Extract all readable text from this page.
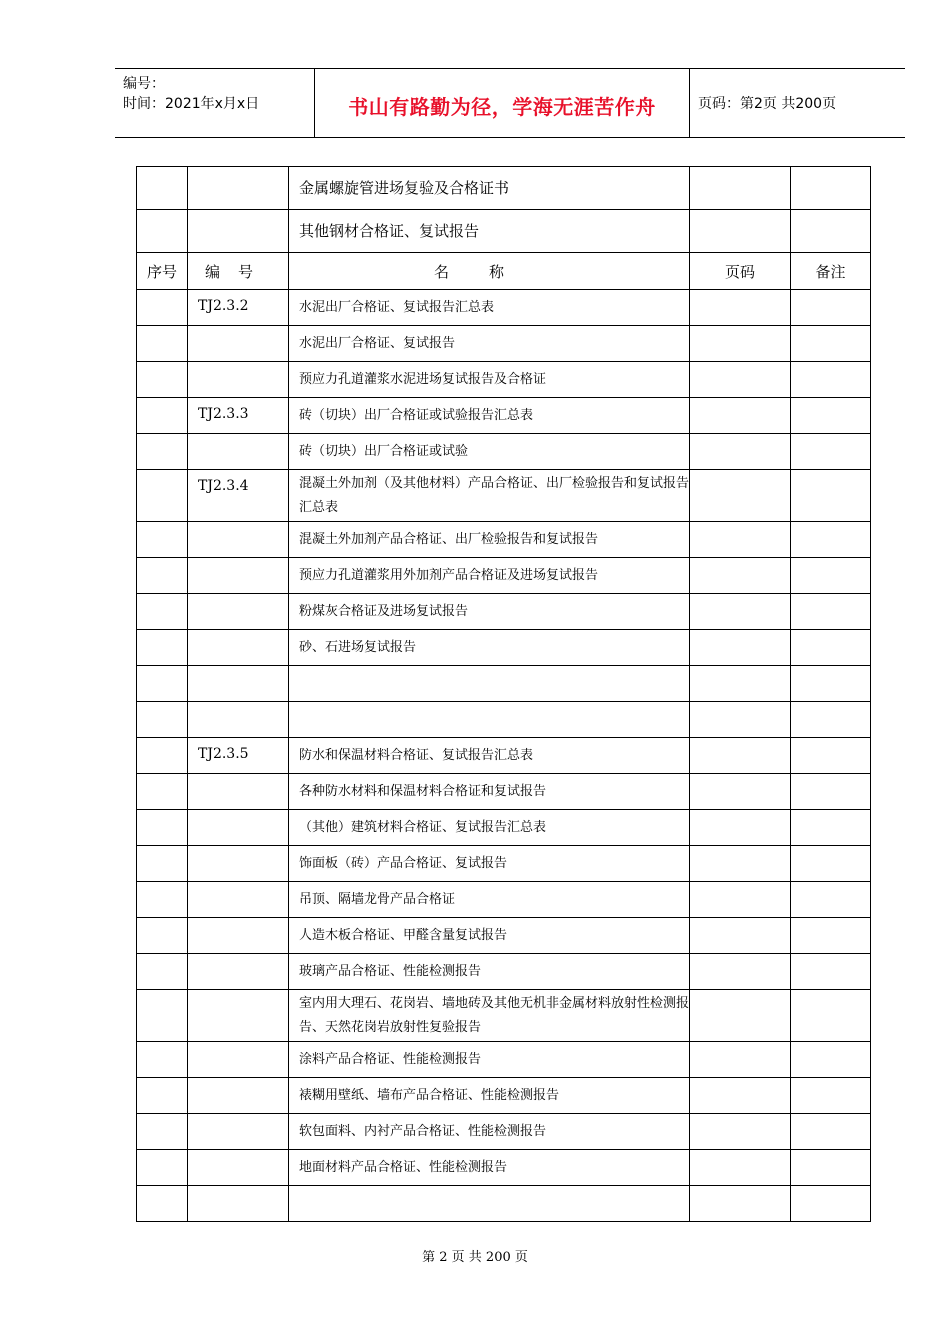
编号：
时间：2021年x月x日	书山有路勤为径，学海无涯苦作舟	页码：第2页 共200页
		金属螺旋管进场复验及合格证书		
		其他钢材合格证、复试报告		
序号	编号	名称	页码	备注
	TJ2.3.2	水泥出厂合格证、复试报告汇总表		
		水泥出厂合格证、复试报告		
		预应力孔道灌浆水泥进场复试报告及合格证		
	TJ2.3.3	砖（切块）出厂合格证或试验报告汇总表		
		砖（切块）出厂合格证或试验		
	TJ2.3.4	混凝土外加剂（及其他材料）产品合格证、出厂检验报告和复试报告汇总表		
		混凝土外加剂产品合格证、出厂检验报告和复试报告		
		预应力孔道灌浆用外加剂产品合格证及进场复试报告		
		粉煤灰合格证及进场复试报告		
		砂、石进场复试报告		

	TJ2.3.5	防水和保温材料合格证、复试报告汇总表		
		各种防水材料和保温材料合格证和复试报告		
		（其他）建筑材料合格证、复试报告汇总表		
		饰面板（砖）产品合格证、复试报告		
		吊顶、隔墙龙骨产品合格证		
		人造木板合格证、甲醛含量复试报告		
		玻璃产品合格证、性能检测报告		
		室内用大理石、花岗岩、墙地砖及其他无机非金属材料放射性检测报告、天然花岗岩放射性复验报告		
		涂料产品合格证、性能检测报告		
		裱糊用壁纸、墙布产品合格证、性能检测报告		
		软包面料、内衬产品合格证、性能检测报告		
		地面材料产品合格证、性能检测报告		

第 2 页 共 200 页
